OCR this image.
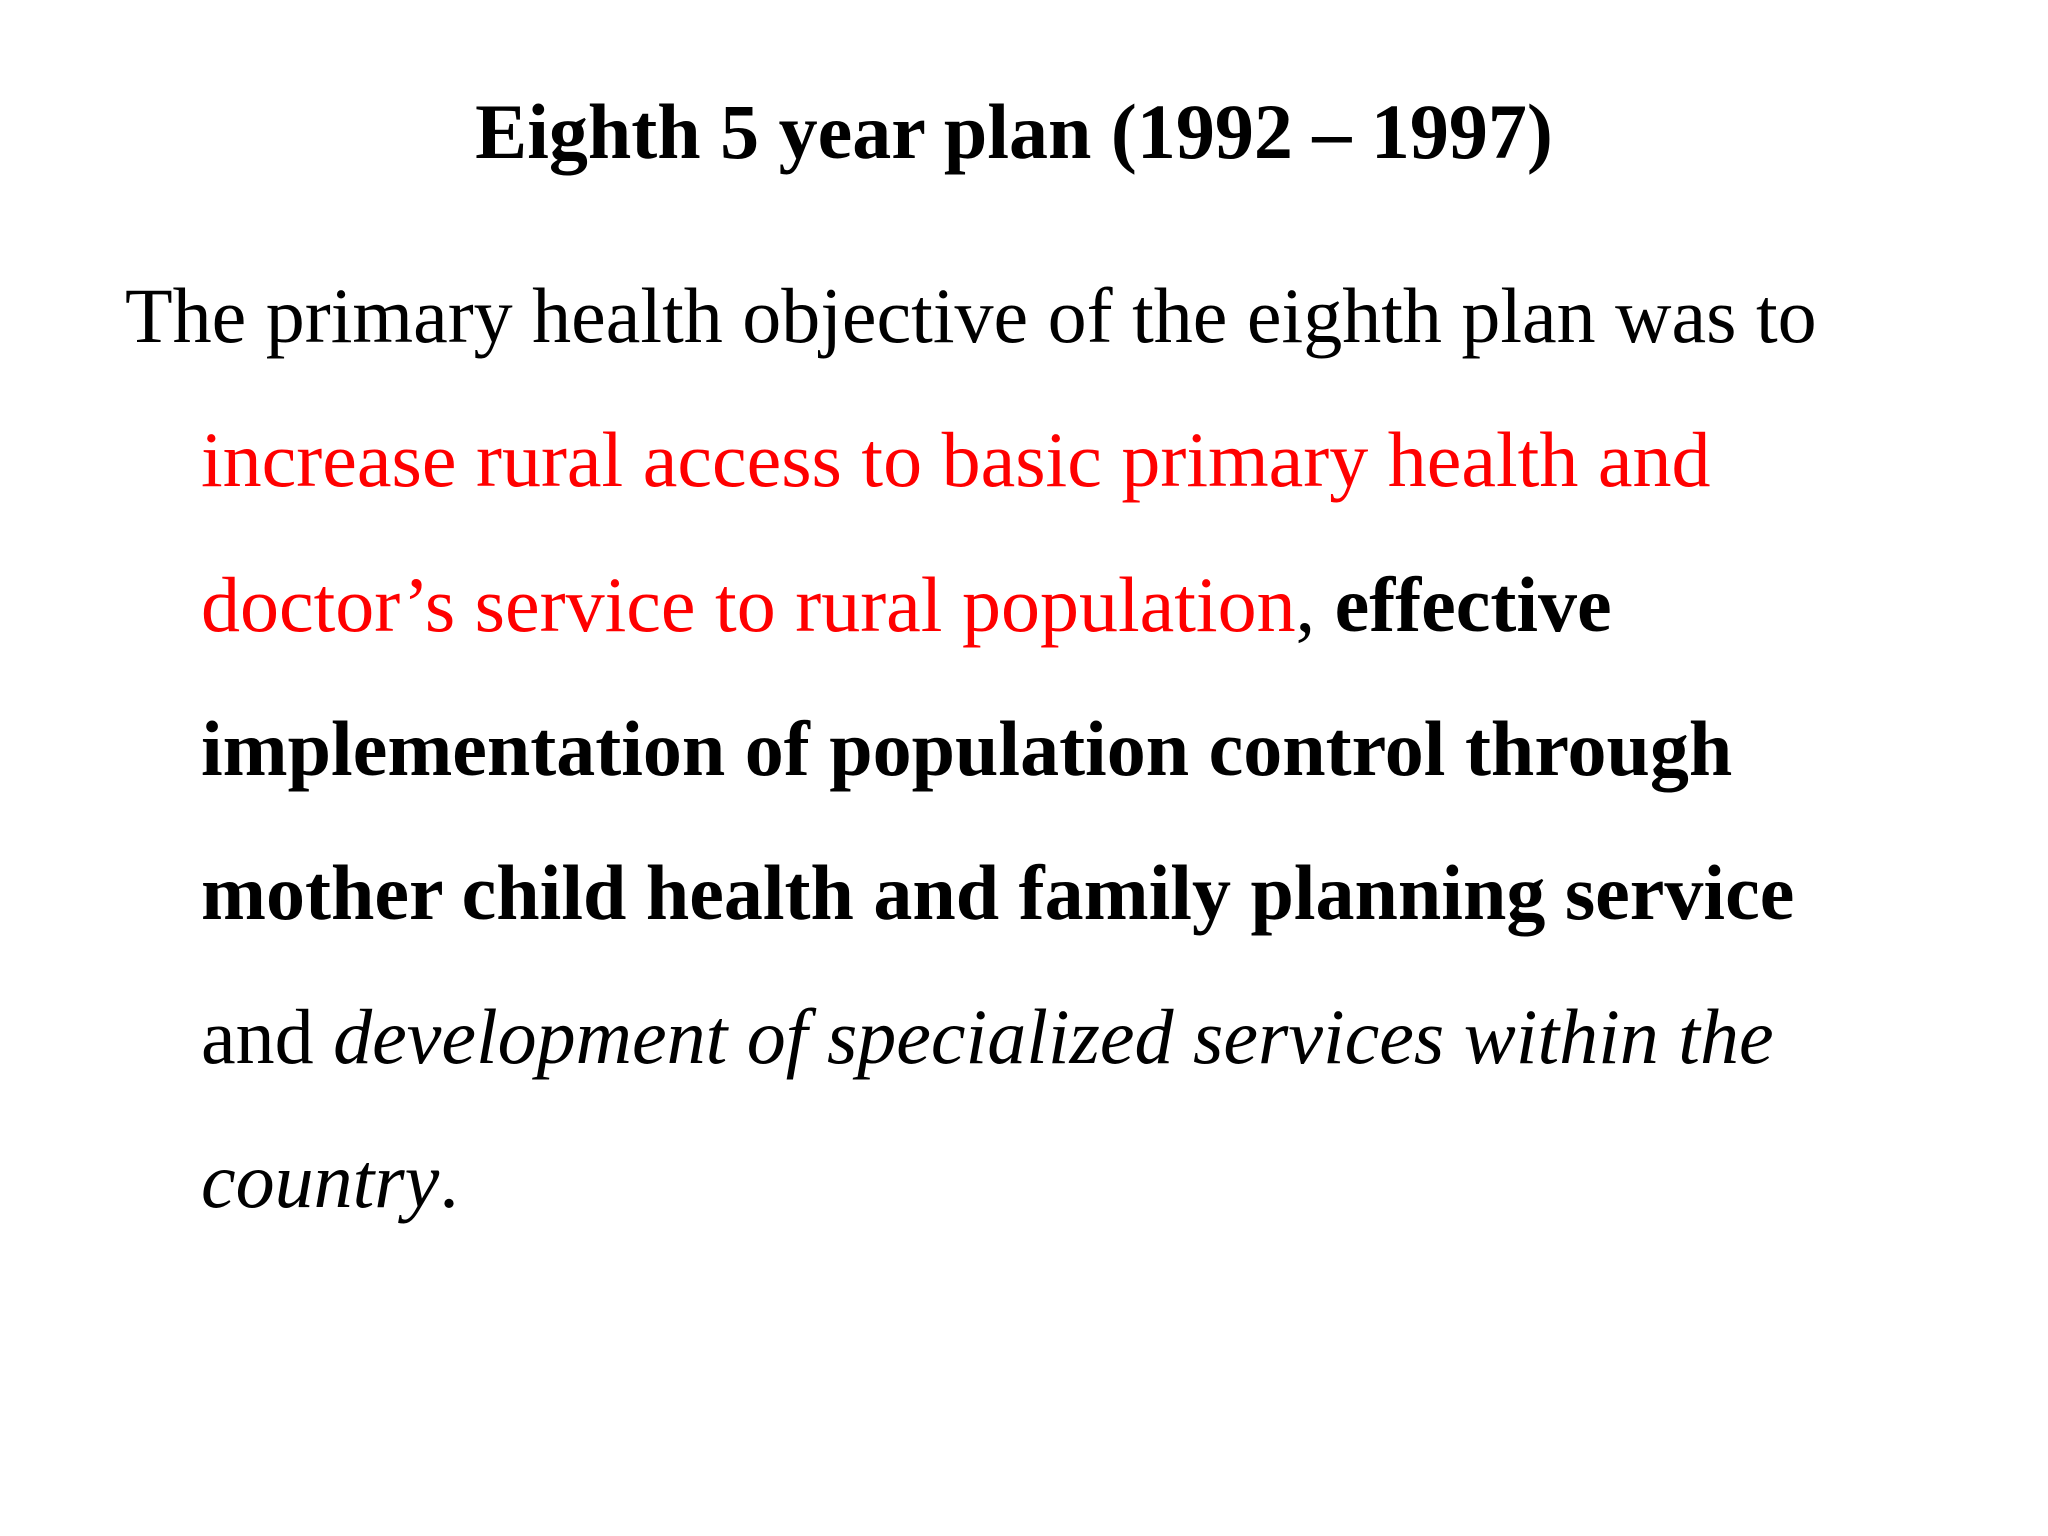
Eighth 5 year plan (1992 – 1997)
The primary health objective of the eighth plan was to
increase rural access to basic primary health and
doctor’s service to rural population, effective
implementation of population control through
mother child health and family planning service
and development of specialized services within the
country.
